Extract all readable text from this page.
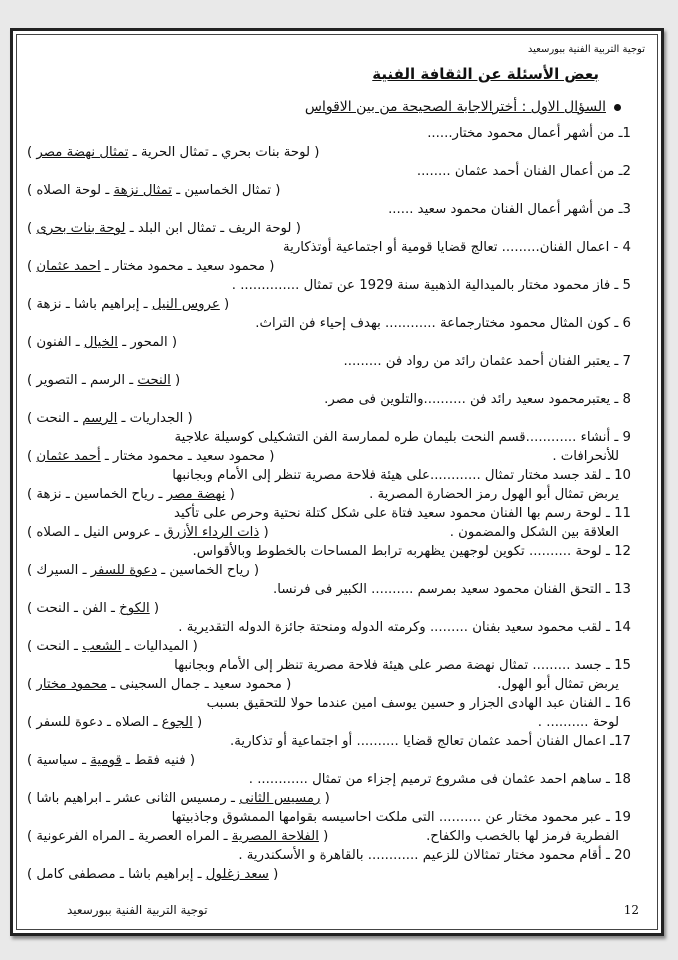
توجية التربية الفنية ببورسعيد
بعض الأسئلة عن الثقافة الفنية
السؤال الاول : أخترالاجابة الصحيحة من بين الاقواس
1ـ من أشهر أعمال محمود مختار......
( لوحة بنات بحري ـ تمثال الحرية ـ تمثال نهضة مصر )
2ـ من أعمال الفنان أحمد عثمان ........
( تمثال الخماسين ـ تمثال نزهة ـ لوحة الصلاه )
3ـ من أشهر أعمال الفنان محمود سعيد ......
( لوحة الريف ـ تمثال ابن البلد ـ لوحة بنات بحرى )
4 - اعمال الفنان......... تعالج قضايا قومية أو اجتماعية أوتذكارية
( محمود سعيد ـ محمود مختار ـ احمد عثمان )
5 ـ فاز محمود مختار بالميدالية الذهبية سنة 1929 عن تمثال .............. .
( عروس النيل ـ إبراهيم باشا ـ نزهة )
6 ـ كون المثال محمود مختارجماعة ............ بهدف إحياء فن التراث.
( المحور ـ الخيال ـ الفنون )
7 ـ يعتبر الفنان أحمد عثمان رائد من رواد فن .........
( النحت ـ الرسم ـ التصوير )
8 ـ يعتبرمحمود سعيد رائد فن ..........والتلوين فى مصر.
( الجداريات ـ الرسم ـ النحت )
9 ـ أنشاء ............قسم النحت بليمان طره لممارسة الفن التشكيلى كوسيلة علاجية
للأنحرافات .
( محمود سعيد ـ محمود مختار ـ أحمد عثمان )
10 ـ لقد جسد مختار تمثال ............على هيئة فلاحة مصرية تنظر إلى الأمام وبجانبها
يربض تمثال أبو الهول رمز الحضارة المصرية .
( نهضة مصر ـ رياح الخماسين ـ نزهة )
11 ـ لوحة رسم بها الفنان محمود سعيد فتاة على شكل كتلة نحتية وحرص على تأكيد
العلاقة بين الشكل والمضمون .
( ذات الرداء الأزرق ـ عروس النيل ـ الصلاه )
12 ـ لوحة .......... تكوين لوجهين يظهربه ترابط المساحات بالخطوط وبالأقواس.
( رياح الخماسين ـ دعوة للسفر ـ السيرك )
13 ـ التحق الفنان محمود سعيد بمرسم .......... الكبير فى فرنسا.
( الكوخ ـ الفن ـ النحت )
14 ـ لقب محمود سعيد بفنان ......... وكرمته الدوله ومنحتة جائزة الدوله التقديرية .
( الميداليات ـ الشعب ـ النحت )
15 ـ جسد ......... تمثال نهضة مصر على هيئة فلاحة مصرية تنظر إلى الأمام وبجانبها
يربض تمثال أبو الهول.
( محمود سعيد ـ جمال السجينى ـ محمود مختار )
16 ـ الفنان عبد الهادى الجزار و حسين يوسف امين عندما حولا للتحقيق بسبب
لوحة .......... .
( الجوع ـ الصلاه ـ دعوة للسفر )
17ـ اعمال الفنان أحمد عثمان تعالج قضايا .......... أو اجتماعية أو تذكارية.
( فنيه فقط ـ قومية ـ سياسية )
18 ـ ساهم احمد عثمان فى مشروع ترميم إجزاء من تمثال ............ .
( رمسيس الثانى ـ رمسيس الثانى عشر ـ ابراهيم باشا )
19 ـ عبر محمود مختار عن .......... التى ملكت احاسيسه بقوامها الممشوق وجاذبيتها
الفطرية فرمز لها بالخصب والكفاح.
( الفلاحة المصرية ـ المراه العصرية ـ المراه الفرعونية )
20 ـ أقام محمود مختار تمثالان للزعيم ............ بالقاهرة و الأسكندرية .
( سعد زغلول ـ إبراهيم باشا ـ مصطفى كامل )
توجية التربية الفنية ببورسعيد	12
